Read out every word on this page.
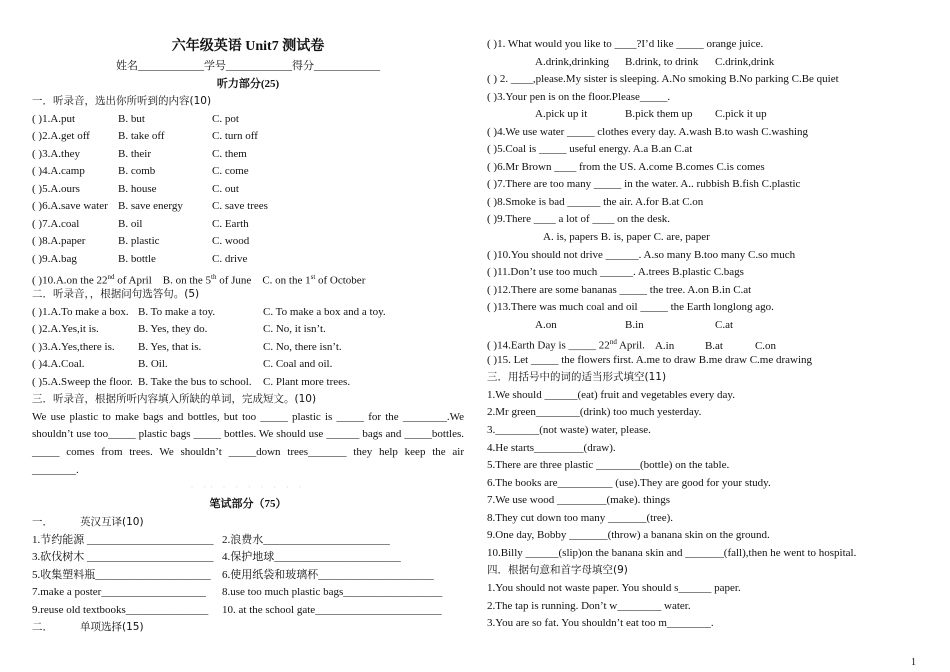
六年级英语 Unit7 测试卷
姓名____________学号____________得分____________
听力部分(25)
一．听录音，选出你所听到的内容(10)
( )1.A.put	B. but	C. pot
( )2.A.get off	B. take off	C. turn off
( )3.A.they	B. their	C. them
( )4.A.camp	B. comb	C. come
( )5.A.ours	B. house	C. out
( )6.A.save water B. save energy	C. save trees
( )7.A.coal	B. oil	C. Earth
( )8.A.paper	B. plastic	C. wood
( )9.A.bag	B. bottle	C. drive
( )10.A.on the 22nd of April B. on the 5th of June C. on the 1st of October
二．听录音，，根据问句选答句。(5)
( )1.A.To make a box. B. To make a toy.	C. To make a box and a toy.
( )2.A.Yes,it is.	B. Yes, they do.	C. No, it isn’t.
( )3.A.Yes,there is. B. Yes, that is.	C. No, there isn’t.
( )4.A.Coal.	B. Oil.	C. Coal and oil.
( )5.A.Sweep the floor. B. Take the bus to school. C. Plant more trees.
三．听录音，根据所听内容填入所缺的单词，完成短文。(10)
We use plastic to make bags and bottles, but too _____ plastic is _____ for the ________.We shouldn’t use too_____ plastic bags _____ bottles. We should use ______ bags and _____bottles. _____ comes from trees. We shouldn’t _____down trees_______ they help keep the air ________.
· ·· · · · · · · ·
笔试部分（75）
一．	英汉互译(10)
1.节约能源 _______________________ 2.浪费水_______________________
3.砍伐树木 _______________________ 4.保护地球_______________________
5.收集塑料瓶_____________________ 6.使用纸袋和玻璃杯_____________________
7.make a poster___________________ 8.use too much plastic bags__________________
9.reuse old textbooks_______________ 10. at the school gate_______________________
二．	单项选择(15)
( )1. What would you like to ____?I’d like _____ orange juice.
A.drink,drinking B.drink, to drink C.drink,drink
( ) 2. ____,please.My sister is sleeping. A.No smoking B.No parking C.Be quiet
( )3.Your pen is on the floor.Please_____.
A.pick up it	B.pick them up C.pick it up
( )4.We use water _____ clothes every day. A.wash B.to wash C.washing
( )5.Coal is _____ useful energy. A.a B.an C.at
( )6.Mr Brown ____ from the US. A.come B.comes C.is comes
( )7.There are too many _____ in the water. A.. rubbish B.fish C.plastic
( )8.Smoke is bad ______ the air. A.for B.at C.on
( )9.There ____ a lot of ____ on the desk.
A. is, papers B. is, paper C. are, paper
( )10.You should not drive ______. A.so many B.too many C.so much
( )11.Don’t use too much ______. A.trees B.plastic C.bags
( )12.There are some bananas _____ the tree. A.on B.in C.at
( )13.There was much coal and oil _____ the Earth longlong ago.
A.on	B.in	C.at
( )14.Earth Day is _____ 22nd April. A.in	B.at	C.on
( )15. Let _____ the flowers first. A.me to draw B.me draw C.me drawing
三．用括号中的词的适当形式填空(11)
1.We should ______(eat) fruit and vegetables every day.
2.Mr green________(drink) too much yesterday.
3.________(not waste) water, please.
4.He starts_________(draw).
5.There are three plastic ________(bottle) on the table.
6.The books are__________ (use).They are good for your study.
7.We use wood _________(make). things
8.They cut down too many _______(tree).
9.One day, Bobby _______(throw) a banana skin on the ground.
10.Billy ______(slip)on the banana skin and _______(fall),then he went to hospital.
四．根据句意和首字母填空(9)
1.You should not waste paper. You should s______ paper.
2.The tap is running. Don’t w________ water.
3.You are so fat. You shouldn’t eat too m________.
1
